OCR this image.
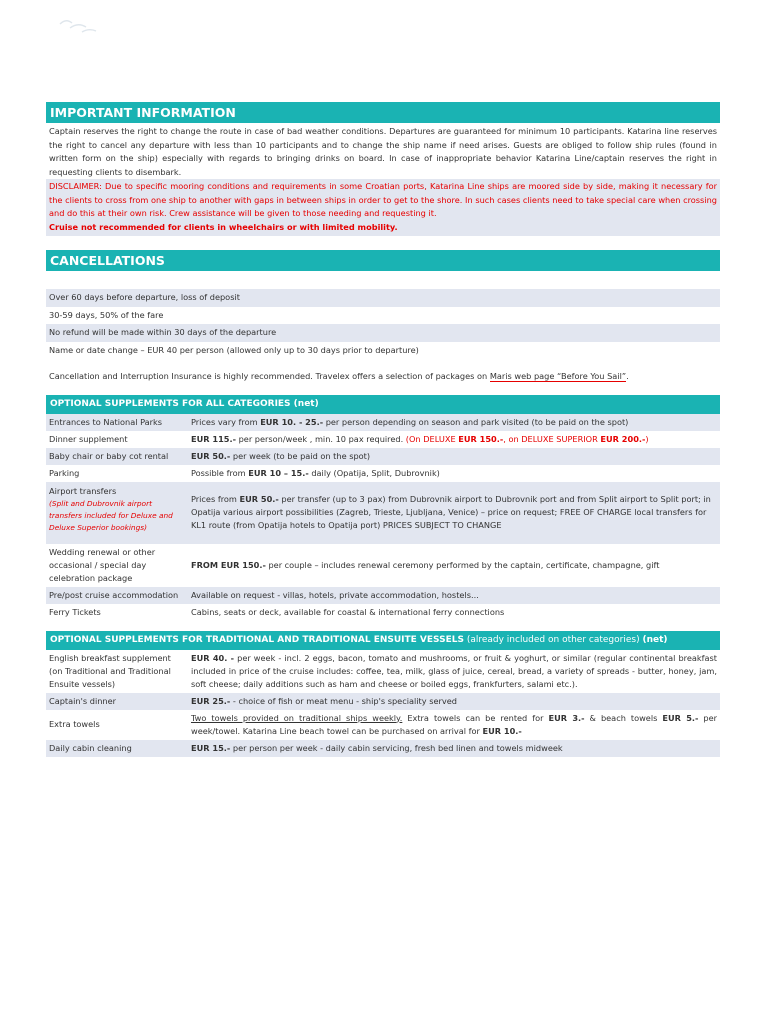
IMPORTANT INFORMATION
Captain reserves the right to change the route in case of bad weather conditions. Departures are guaranteed for minimum 10 participants. Katarina line reserves the right to cancel any departure with less than 10 participants and to change the ship name if need arises. Guests are obliged to follow ship rules (found in written form on the ship) especially with regards to bringing drinks on board. In case of inappropriate behavior Katarina Line/captain reserves the right in requesting clients to disembark.
DISCLAIMER: Due to specific mooring conditions and requirements in some Croatian ports, Katarina Line ships are moored side by side, making it necessary for the clients to cross from one ship to another with gaps in between ships in order to get to the shore. In such cases clients need to take special care when crossing and do this at their own risk. Crew assistance will be given to those needing and requesting it.
Cruise not recommended for clients in wheelchairs or with limited mobility.
CANCELLATIONS
Over 60 days before departure, loss of deposit
30-59 days, 50% of the fare
No refund will be made within 30 days of the departure
Name or date change – EUR 40 per person (allowed only up to 30 days prior to departure)
Cancellation and Interruption Insurance is highly recommended. Travelex offers a selection of packages on Maris web page “Before You Sail”.
OPTIONAL SUPPLEMENTS FOR ALL CATEGORIES (net)
Entrances to National Parks	Prices vary from EUR 10. - 25.- per person depending on season and park visited (to be paid on the spot)
Dinner supplement	EUR 115.- per person/week , min. 10 pax required. (On DELUXE EUR 150.-, on DELUXE SUPERIOR EUR 200.-)
Baby chair or baby cot rental	EUR 50.- per week (to be paid on the spot)
Parking	Possible from EUR 10 – 15.- daily (Opatija, Split, Dubrovnik)

Airport transfers
(Split and Dubrovnik airport transfers included for Deluxe and Deluxe Superior bookings)	Prices from EUR 50.- per transfer (up to 3 pax) from Dubrovnik airport to Dubrovnik port and from Split airport to Split port; in Opatija various airport possibilities (Zagreb, Trieste, Ljubljana, Venice) – price on request; FREE OF CHARGE local transfers for KL1 route (from Opatija hotels to Opatija port) PRICES SUBJECT TO CHANGE
Wedding renewal or other occasional / special day celebration package	FROM EUR 150.- per couple – includes renewal ceremony performed by the captain, certificate, champagne, gift
Pre/post cruise accommodation	Available on request - villas, hotels, private accommodation, hostels...
Ferry Tickets	Cabins, seats or deck, available for coastal & international ferry connections
OPTIONAL SUPPLEMENTS FOR TRADITIONAL AND TRADITIONAL ENSUITE VESSELS (already included on other categories) (net)
English breakfast supplement (on Traditional and Traditional Ensuite vessels)	EUR 40. - per week - incl. 2 eggs, bacon, tomato and mushrooms, or fruit & yoghurt, or similar (regular continental breakfast included in price of the cruise includes: coffee, tea, milk, glass of juice, cereal, bread, a variety of spreads - butter, honey, jam, soft cheese; daily additions such as ham and cheese or boiled eggs, frankfurters, salami etc.).
Captain's dinner	EUR 25.- - choice of fish or meat menu - ship's speciality served
Extra towels	Two towels provided on traditional ships weekly. Extra towels can be rented for EUR 3.- & beach towels EUR 5.- per week/towel. Katarina Line beach towel can be purchased on arrival for EUR 10.-
Daily cabin cleaning	EUR 15.- per person per week - daily cabin servicing, fresh bed linen and towels midweek
